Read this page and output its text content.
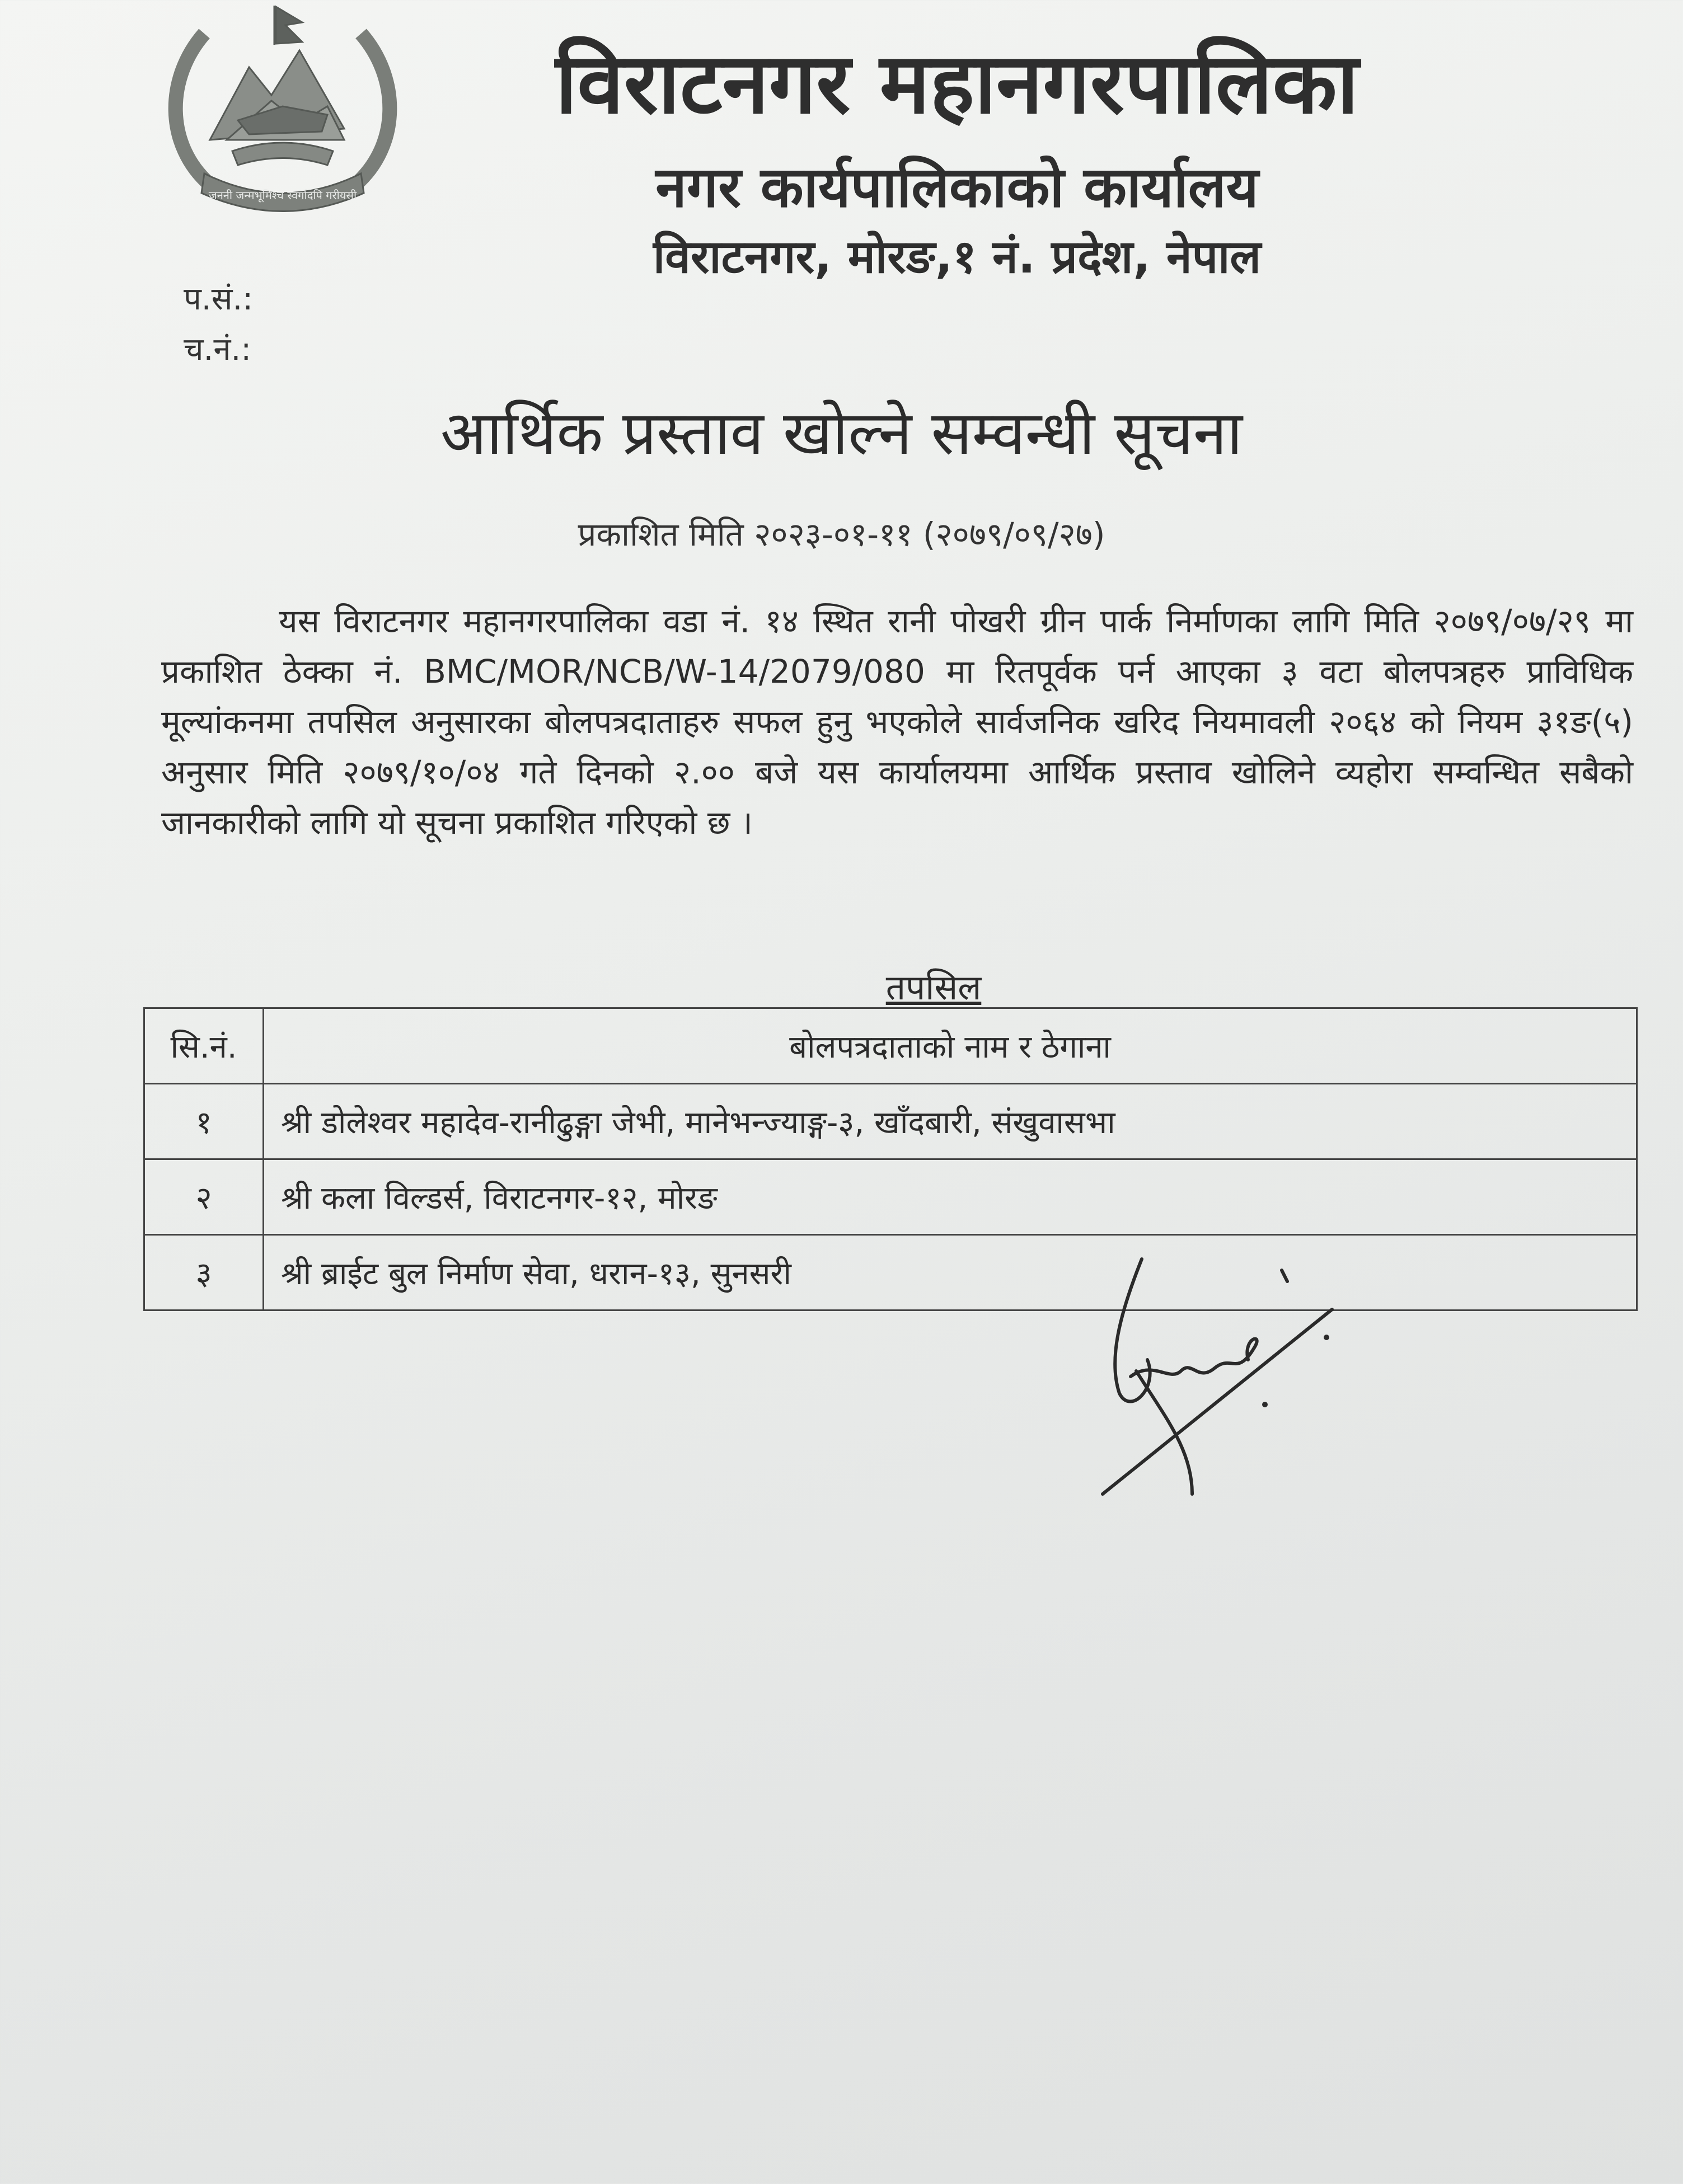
जननी जन्मभूमिश्च स्वर्गादपि गरीयसी
विराटनगर महानगरपालिका
नगर कार्यपालिकाको कार्यालय
विराटनगर, मोरङ,१ नं. प्रदेश, नेपाल
प.सं.:
च.नं.:
आर्थिक प्रस्ताव खोल्ने सम्वन्धी सूचना
प्रकाशित मिति २०२३-०१-११ (२०७९/०९/२७)

यस विराटनगर महानगरपालिका वडा नं. १४ स्थित रानी पोखरी ग्रीन पार्क निर्माणका लागि मिति २०७९/०७/२९ मा प्रकाशित ठेक्का नं. BMC/MOR/NCB/W-14/2079/080 मा रितपूर्वक पर्न आएका ३ वटा बोलपत्रहरु प्राविधिक मूल्यांकनमा तपसिल अनुसारका बोलपत्रदाताहरु सफल हुनु भएकोले सार्वजनिक खरिद नियमावली २०६४ को नियम ३१ङ(५) अनुसार मिति २०७९/१०/०४ गते दिनको २.०० बजे यस कार्यालयमा आर्थिक प्रस्ताव खोलिने व्यहोरा सम्वन्धित सबैको जानकारीको लागि यो सूचना प्रकाशित गरिएको छ ।

तपसिल
सि.नं.	बोलपत्रदाताको नाम र ठेगाना
१	श्री डोलेश्वर महादेव-रानीढुङ्गा जेभी, मानेभन्ज्याङ्ग-३, खाँदबारी, संखुवासभा
२	श्री कला विल्डर्स, विराटनगर-१२, मोरङ
३	श्री ब्राईट बुल निर्माण सेवा, धरान-१३, सुनसरी
